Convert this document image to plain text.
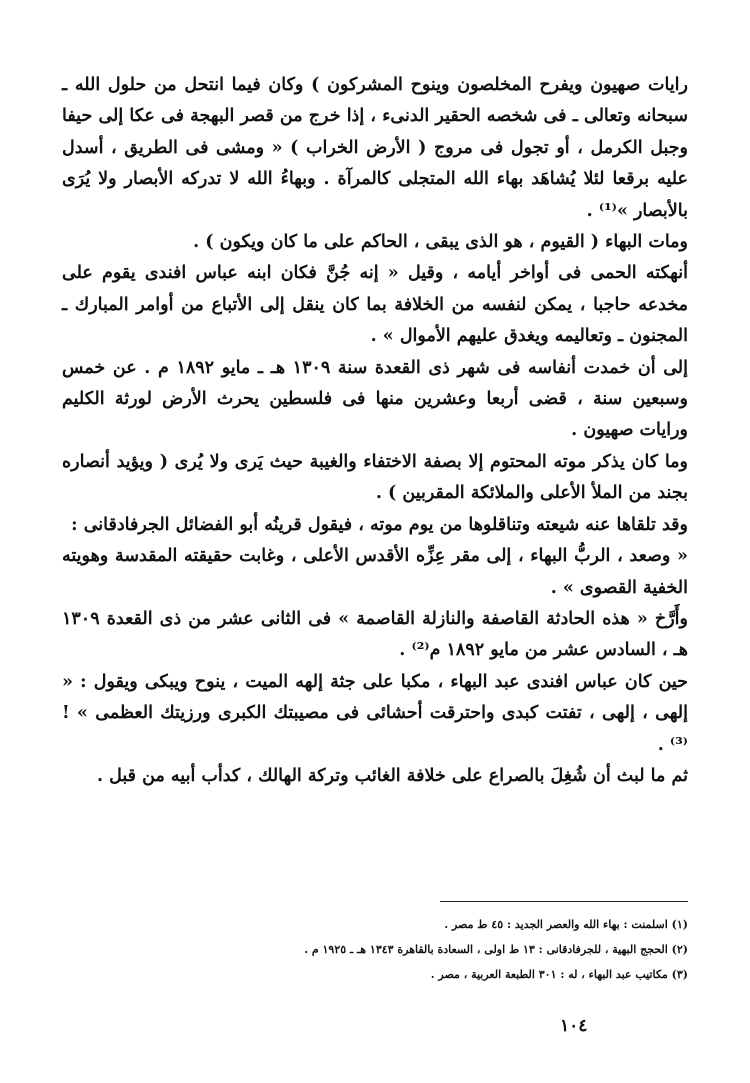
رايات صهيون ويفرح المخلصون وينوح المشركون ) وكان فيما انتحل من حلول الله ـ سبحانه وتعالى ـ فى شخصه الحقير الدنىء ، إذا خرج من قصر البهجة فى عكا إلى حيفا وجبل الكرمل ، أو تجول فى مروج ( الأرض الخراب ) « ومشى فى الطريق ، أسدل عليه برقعا لئلا يُشاهَد بهاء الله المتجلى كالمرآة . وبهاءُ الله لا تدركه الأبصار ولا يُرَى بالأبصار »⁽¹⁾ .

ومات البهاء ( القيوم ، هو الذى يبقى ، الحاكم على ما كان ويكون ) .

أنهكته الحمى فى أواخر أيامه ، وقيل « إنه جُنَّ فكان ابنه عباس افندى يقوم على مخدعه حاجبا ، يمكن لنفسه من الخلافة بما كان ينقل إلى الأتباع من أوامر المبارك ـ المجنون ـ وتعاليمه ويغدق عليهم الأموال » .

إلى أن خمدت أنفاسه فى شهر ذى القعدة سنة ١٣٠٩ هـ ـ مايو ١٨٩٢ م . عن خمس وسبعين سنة ، قضى أربعا وعشرين منها فى فلسطين يحرث الأرض لورثة الكليم ورايات صهيون .

وما كان يذكر موته المحتوم إلا بصفة الاختفاء والغيبة حيث يَرى ولا يُرى ( ويؤيد أنصاره بجند من الملأ الأعلى والملائكة المقربين ) .

وقد تلقاها عنه شيعته وتناقلوها من يوم موته ، فيقول قرينُه أبو الفضائل الجرفادقانى :

« وصعد ، الربُّ البهاء ، إلى مقر عِزِّه الأقدس الأعلى ، وغابت حقيقته المقدسة وهويته الخفية القصوى » .

وأَرَّخ « هذه الحادثة القاصفة والنازلة القاصمة » فى الثانى عشر من ذى القعدة ١٣٠٩ هـ ، السادس عشر من مايو ١٨٩٢ م⁽²⁾ .

حين كان عباس افندى عبد البهاء ، مكبا على جثة إلهه الميت ، ينوح ويبكى ويقول : « إلهى ، إلهى ، تفتت كبدى واحترقت أحشائى فى مصيبتك الكبرى ورزيتك العظمى » !⁽³⁾ .

ثم ما لبث أن شُغِلَ بالصراع على خلافة الغائب وتركة الهالك ، كدأب أبيه من قبل .

(١) اسلمنت : بهاء الله والعصر الجديد : ٤٥ ط مصر .

(٢) الحجج البهية ، للجرفادقانى : ١٣ ط اولى ، السعادة بالقاهرة ١٣٤٣ هـ ـ ١٩٢٥ م .

(٣) مكاتيب عبد البهاء ، له : ٣٠١ الطبعة العربية ، مصر .

١٠٤
